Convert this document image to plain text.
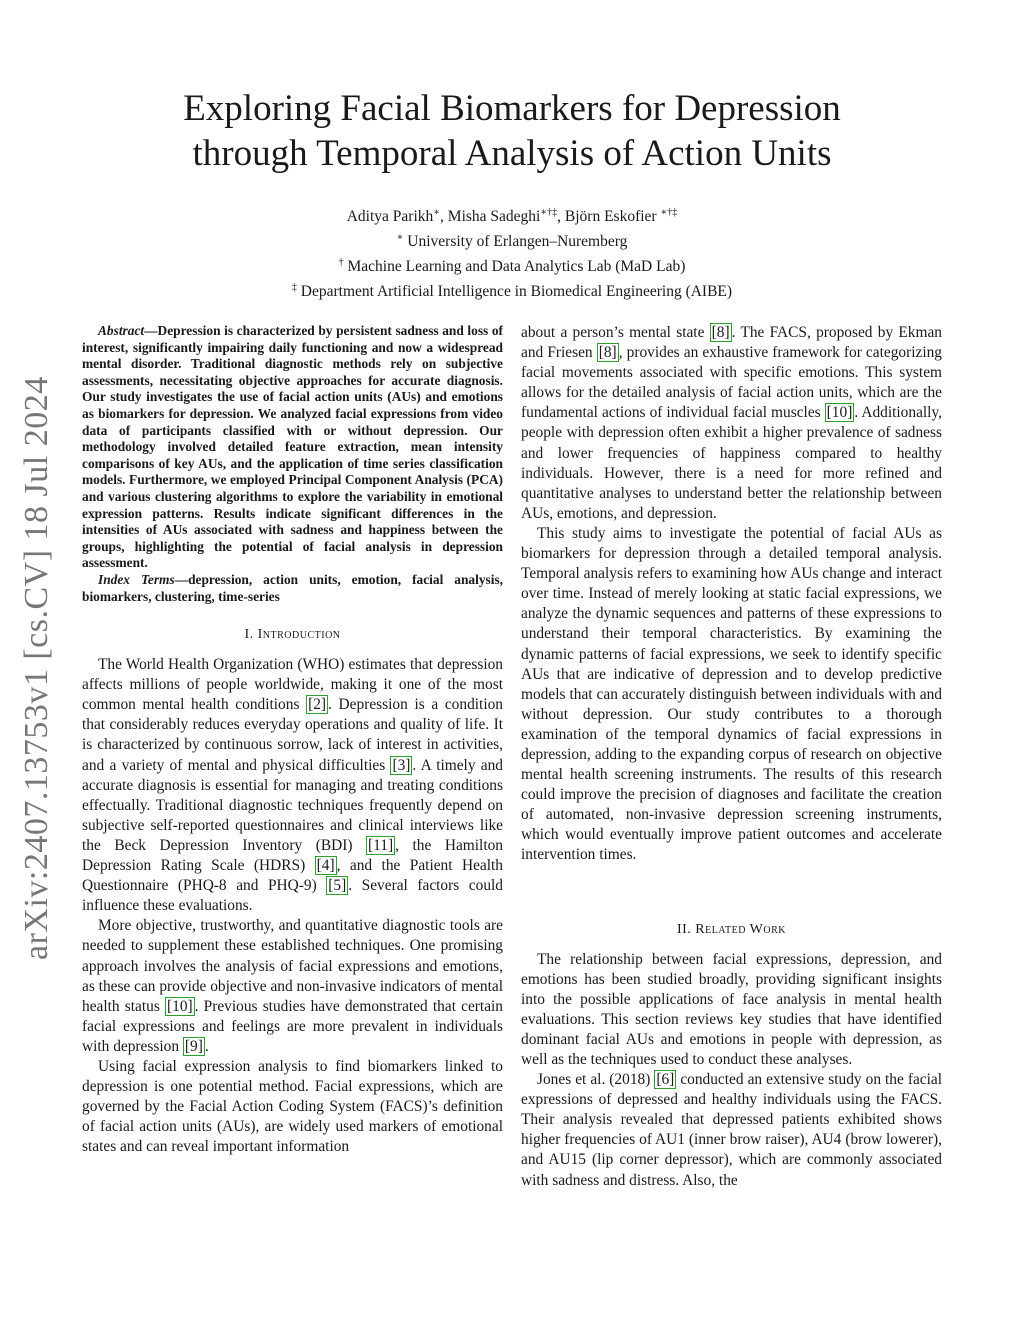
arXiv:2407.13753v1 [cs.CV] 18 Jul 2024
Exploring Facial Biomarkers for Depression
through Temporal Analysis of Action Units
Aditya Parikh∗, Misha Sadeghi∗†‡, Björn Eskofier ∗†‡
∗ University of Erlangen–Nuremberg
† Machine Learning and Data Analytics Lab (MaD Lab)
‡ Department Artificial Intelligence in Biomedical Engineering (AIBE)

Abstract—Depression is characterized by persistent sadness and loss of interest, significantly impairing daily functioning and now a widespread mental disorder. Traditional diagnostic methods rely on subjective assessments, necessitating objective approaches for accurate diagnosis. Our study investigates the use of facial action units (AUs) and emotions as biomarkers for depression. We analyzed facial expressions from video data of participants classified with or without depression. Our methodology involved detailed feature extraction, mean intensity comparisons of key AUs, and the application of time series classification models. Furthermore, we employed Principal Component Analysis (PCA) and various clustering algorithms to explore the variability in emotional expression patterns. Results indicate significant differences in the intensities of AUs associated with sadness and happiness between the groups, highlighting the potential of facial analysis in depression assessment.

Index Terms—depression, action units, emotion, facial analysis, biomarkers, clustering, time-series

I. Introduction

The World Health Organization (WHO) estimates that depression affects millions of people worldwide, making it one of the most common mental health conditions [2] . Depression is a condition that considerably reduces everyday operations and quality of life. It is characterized by continuous sorrow, lack of interest in activities, and a variety of mental and physical difficulties [3] . A timely and accurate diagnosis is essential for managing and treating conditions effectually. Traditional diagnostic techniques frequently depend on subjective self-reported questionnaires and clinical interviews like the Beck Depression Inventory (BDI) [11] , the Hamilton Depression Rating Scale (HDRS) [4] , and the Patient Health Questionnaire (PHQ-8 and PHQ-9) [5] . Several factors could influence these evaluations.

More objective, trustworthy, and quantitative diagnostic tools are needed to supplement these established techniques. One promising approach involves the analysis of facial expressions and emotions, as these can provide objective and non-invasive indicators of mental health status [10] . Previous studies have demonstrated that certain facial expressions and feelings are more prevalent in individuals with depression [9] .

Using facial expression analysis to find biomarkers linked to depression is one potential method. Facial expressions, which are governed by the Facial Action Coding System (FACS)’s definition of facial action units (AUs), are widely used markers of emotional states and can reveal important information

about a person’s mental state [8] . The FACS, proposed by Ekman and Friesen [8] , provides an exhaustive framework for categorizing facial movements associated with specific emotions. This system allows for the detailed analysis of facial action units, which are the fundamental actions of individual facial muscles [10] . Additionally, people with depression often exhibit a higher prevalence of sadness and lower frequencies of happiness compared to healthy individuals. However, there is a need for more refined and quantitative analyses to understand better the relationship between AUs, emotions, and depression.

This study aims to investigate the potential of facial AUs as biomarkers for depression through a detailed temporal analysis. Temporal analysis refers to examining how AUs change and interact over time. Instead of merely looking at static facial expressions, we analyze the dynamic sequences and patterns of these expressions to understand their temporal characteristics. By examining the dynamic patterns of facial expressions, we seek to identify specific AUs that are indicative of depression and to develop predictive models that can accurately distinguish between individuals with and without depression. Our study contributes to a thorough examination of the temporal dynamics of facial expressions in depression, adding to the expanding corpus of research on objective mental health screening instruments. The results of this research could improve the precision of diagnoses and facilitate the creation of automated, non-invasive depression screening instruments, which would eventually improve patient outcomes and accelerate intervention times.

II. Related Work

The relationship between facial expressions, depression, and emotions has been studied broadly, providing significant insights into the possible applications of face analysis in mental health evaluations. This section reviews key studies that have identified dominant facial AUs and emotions in people with depression, as well as the techniques used to conduct these analyses.

Jones et al. (2018) [6] conducted an extensive study on the facial expressions of depressed and healthy individuals using the FACS. Their analysis revealed that depressed patients exhibited shows higher frequencies of AU1 (inner brow raiser), AU4 (brow lowerer), and AU15 (lip corner depressor), which are commonly associated with sadness and distress. Also, the
